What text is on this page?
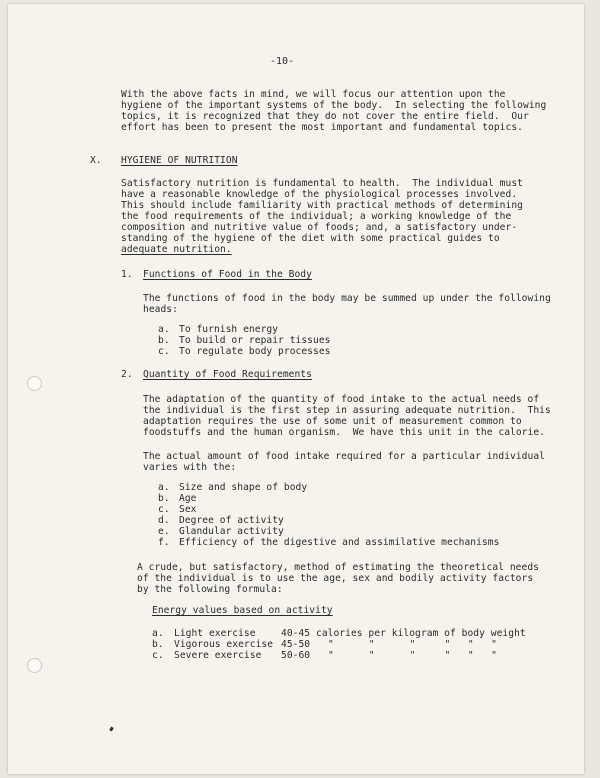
-10-
With the above facts in mind, we will focus our attention upon the
hygiene of the important systems of the body.  In selecting the following
topics, it is recognized that they do not cover the entire field.  Our
effort has been to present the most important and fundamental topics.
X. HYGIENE OF NUTRITION
Satisfactory nutrition is fundamental to health.  The individual must
have a reasonable knowledge of the physiological processes involved.
This should include familiarity with practical methods of determining
the food requirements of the individual; a working knowledge of the
composition and nutritive value of foods; and, a satisfactory under-
standing of the hygiene of the diet with some practical guides to
adequate nutrition.
1. Functions of Food in the Body
The functions of food in the body may be summed up under the following
heads:
a. To furnish energy
b. To build or repair tissues
c. To regulate body processes
2. Quantity of Food Requirements
The adaptation of the quantity of food intake to the actual needs of
the individual is the first step in assuring adequate nutrition.  This
adaptation requires the use of some unit of measurement common to
foodstuffs and the human organism.  We have this unit in the calorie.
The actual amount of food intake required for a particular individual
varies with the:
a. Size and shape of body
b. Age
c. Sex
d. Degree of activity
e. Glandular activity
f. Efficiency of the digestive and assimilative mechanisms
A crude, but satisfactory, method of estimating the theoretical needs
of the individual is to use the age, sex and bodily activity factors
by the following formula:
Energy values based on activity
a. Light exercise	40-45 calories per kilogram of body weight
b. Vigorous exercise 45-50 "      "      "     "   "   "
c. Severe exercise 50-60 "      "      "     "   "   "
